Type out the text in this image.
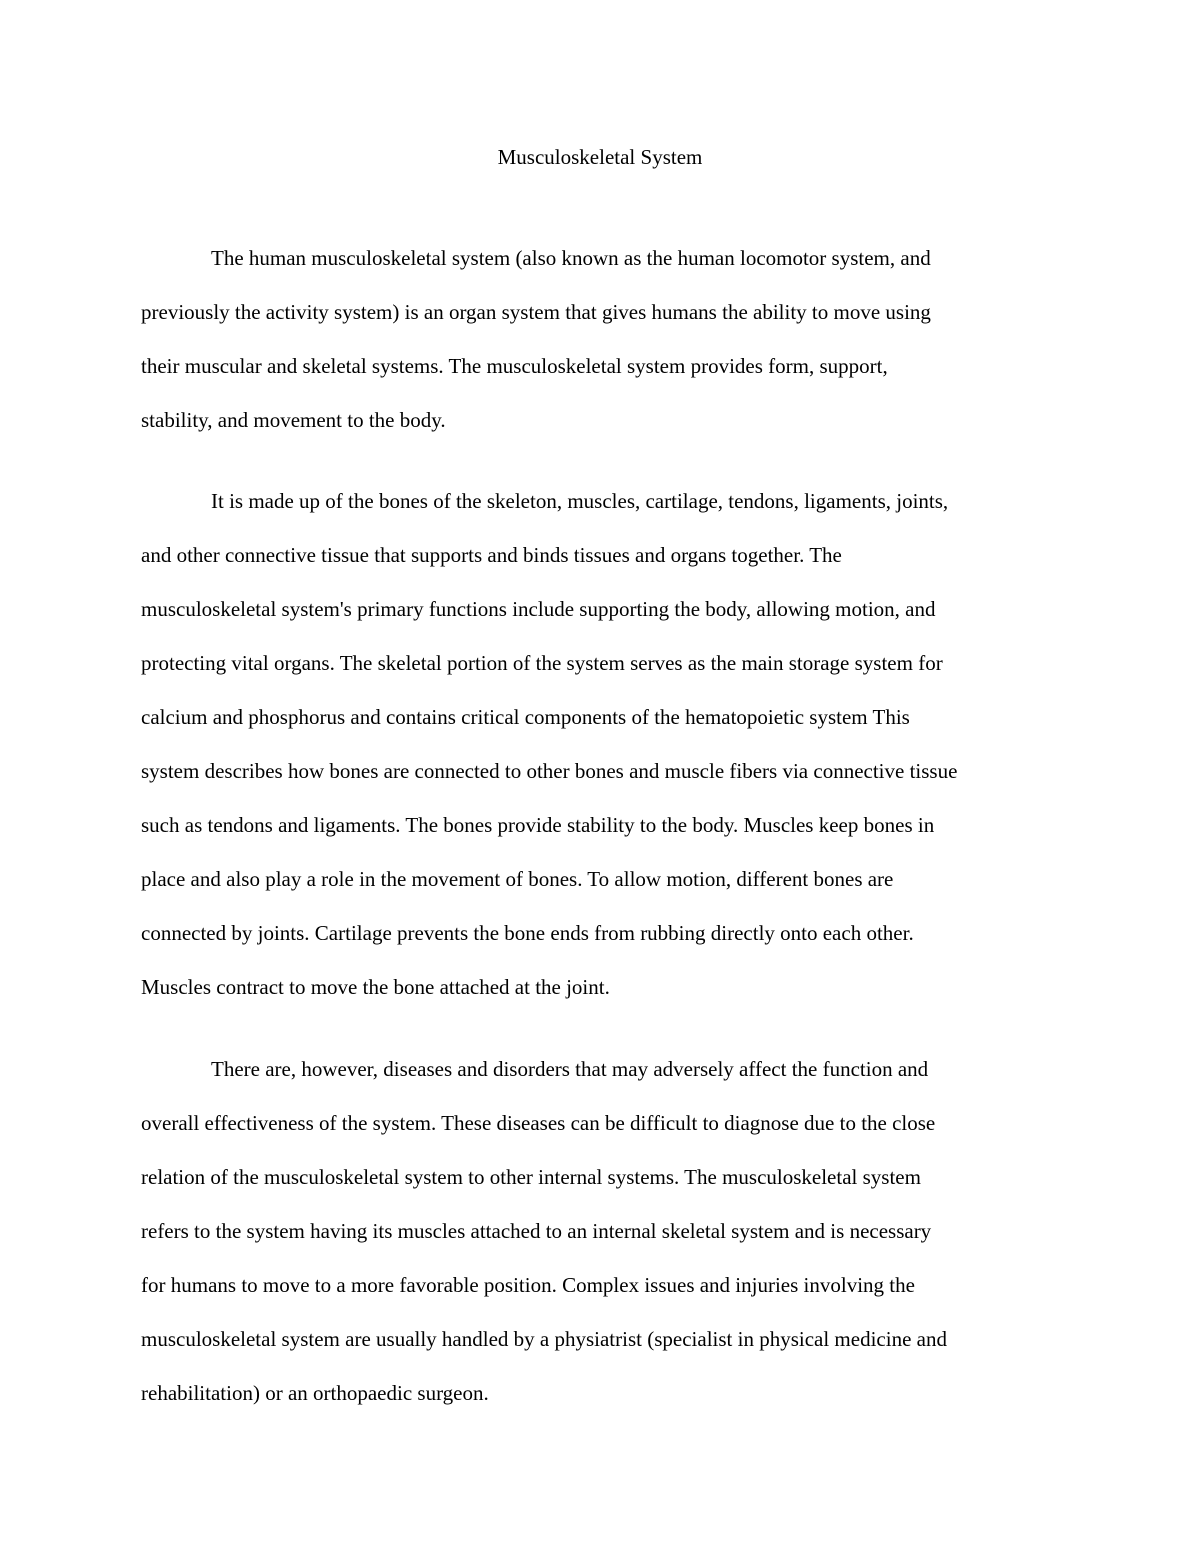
Musculoskeletal System

The human musculoskeletal system (also known as the human locomotor system, and

previously the activity system) is an organ system that gives humans the ability to move using

their muscular and skeletal systems. The musculoskeletal system provides form, support,

stability, and movement to the body.

It is made up of the bones of the skeleton, muscles, cartilage, tendons, ligaments, joints,

and other connective tissue that supports and binds tissues and organs together. The

musculoskeletal system's primary functions include supporting the body, allowing motion, and

protecting vital organs. The skeletal portion of the system serves as the main storage system for

calcium and phosphorus and contains critical components of the hematopoietic system This

system describes how bones are connected to other bones and muscle fibers via connective tissue

such as tendons and ligaments. The bones provide stability to the body. Muscles keep bones in

place and also play a role in the movement of bones. To allow motion, different bones are

connected by joints. Cartilage prevents the bone ends from rubbing directly onto each other.

Muscles contract to move the bone attached at the joint.

There are, however, diseases and disorders that may adversely affect the function and

overall effectiveness of the system. These diseases can be difficult to diagnose due to the close

relation of the musculoskeletal system to other internal systems. The musculoskeletal system

refers to the system having its muscles attached to an internal skeletal system and is necessary

for humans to move to a more favorable position. Complex issues and injuries involving the

musculoskeletal system are usually handled by a physiatrist (specialist in physical medicine and

rehabilitation) or an orthopaedic surgeon.
